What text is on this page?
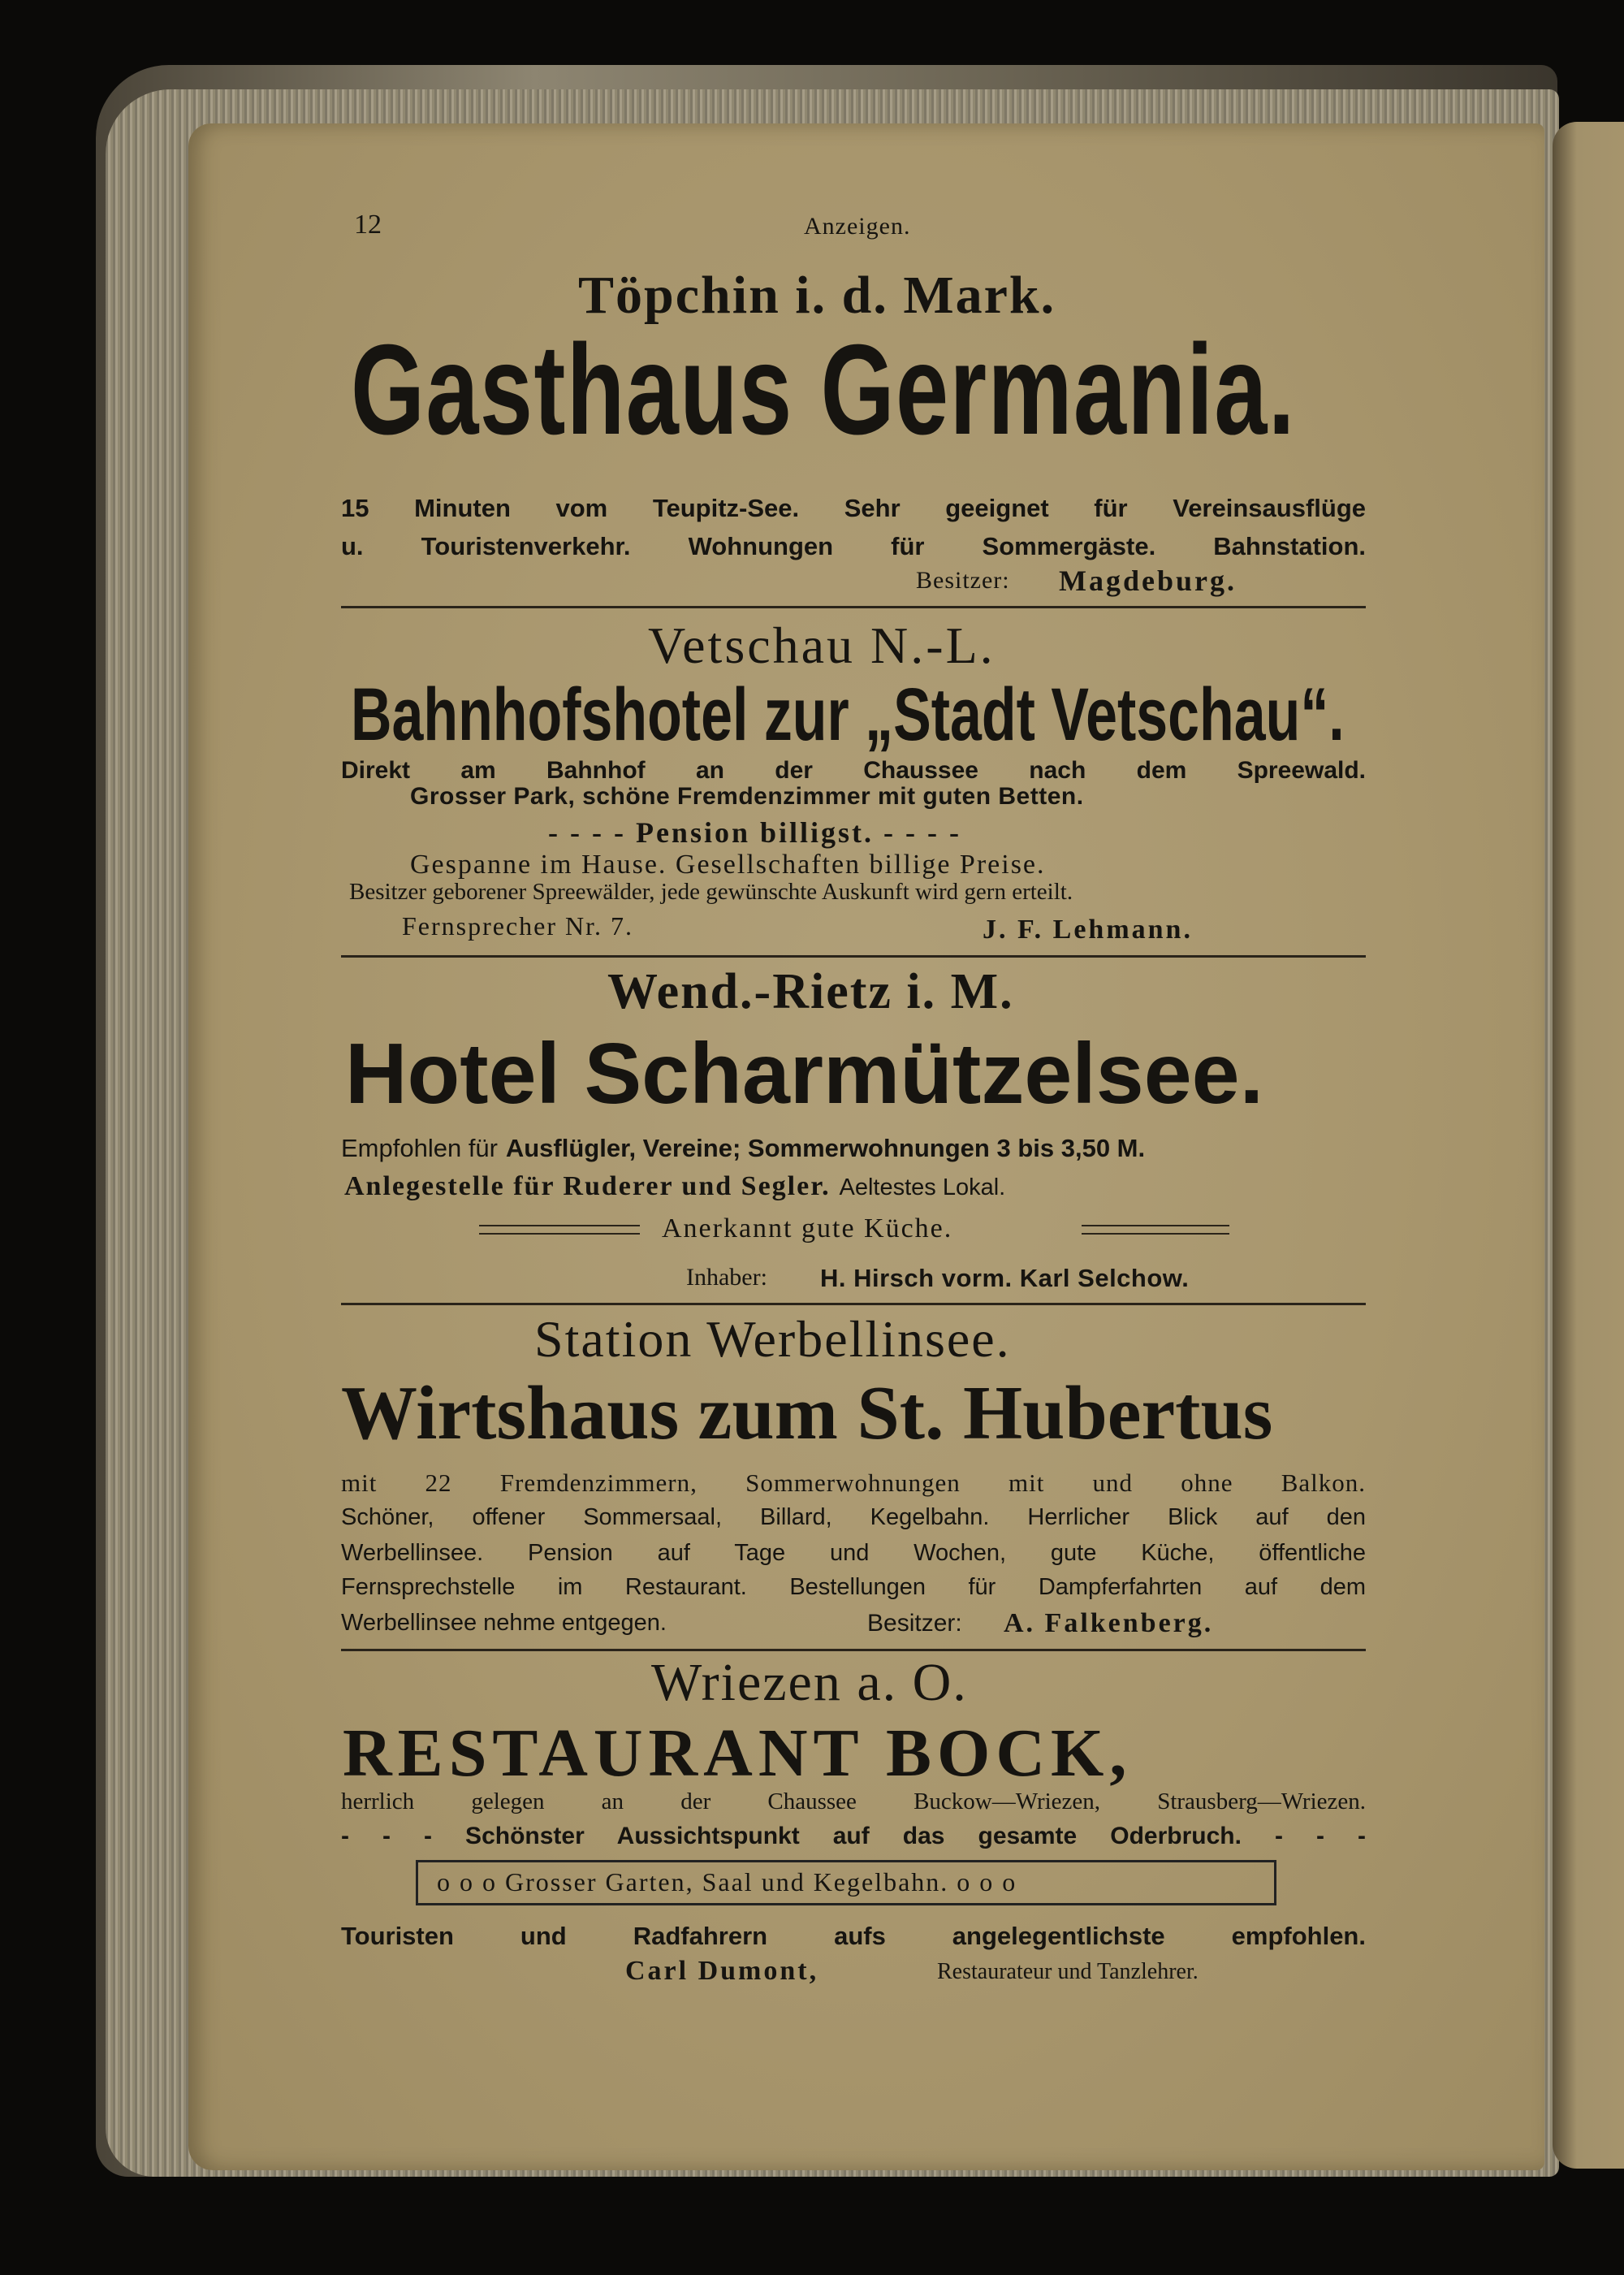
12	Anzeigen.
Töpchin i. d. Mark.
Gasthaus Germania.
15 Minuten vom Teupitz-See. Sehr geeignet für Vereinsausflüge
u. Touristenverkehr. Wohnungen für Sommergäste. Bahnstation.
Besitzer: Magdeburg.
Vetschau N.-L.
Bahnhofshotel zur „Stadt Vetschau“.
Direkt am Bahnhof an der Chaussee nach dem Spreewald.
Grosser Park, schöne Fremdenzimmer mit guten Betten.
- - - - Pension billigst. - - - -
Gespanne im Hause. Gesellschaften billige Preise.
Besitzer geborener Spreewälder, jede gewünschte Auskunft wird gern erteilt.
Fernsprecher Nr. 7.	J. F. Lehmann.
Wend.-Rietz i. M.
Hotel Scharmützelsee.
Empfohlen für Ausflügler, Vereine; Sommerwohnungen 3 bis 3,50 M.
Anlegestelle für Ruderer und Segler. Aeltestes Lokal.
Anerkannt gute Küche.
Inhaber: H. Hirsch vorm. Karl Selchow.
Station Werbellinsee.
Wirtshaus zum St. Hubertus
mit 22 Fremdenzimmern, Sommerwohnungen mit und ohne Balkon.
Schöner, offener Sommersaal, Billard, Kegelbahn. Herrlicher Blick auf den
Werbellinsee. Pension auf Tage und Wochen, gute Küche, öffentliche
Fernsprechstelle im Restaurant. Bestellungen für Dampferfahrten auf dem
Werbellinsee nehme entgegen.	Besitzer: A. Falkenberg.
Wriezen a. O.
RESTAURANT BOCK,
herrlich gelegen an der Chaussee Buckow—Wriezen, Strausberg—Wriezen.
- - - Schönster Aussichtspunkt auf das gesamte Oderbruch. - - -
o o o Grosser Garten, Saal und Kegelbahn. o o o
Touristen und Radfahrern aufs angelegentlichste empfohlen.
Carl Dumont,	Restaurateur und Tanzlehrer.
